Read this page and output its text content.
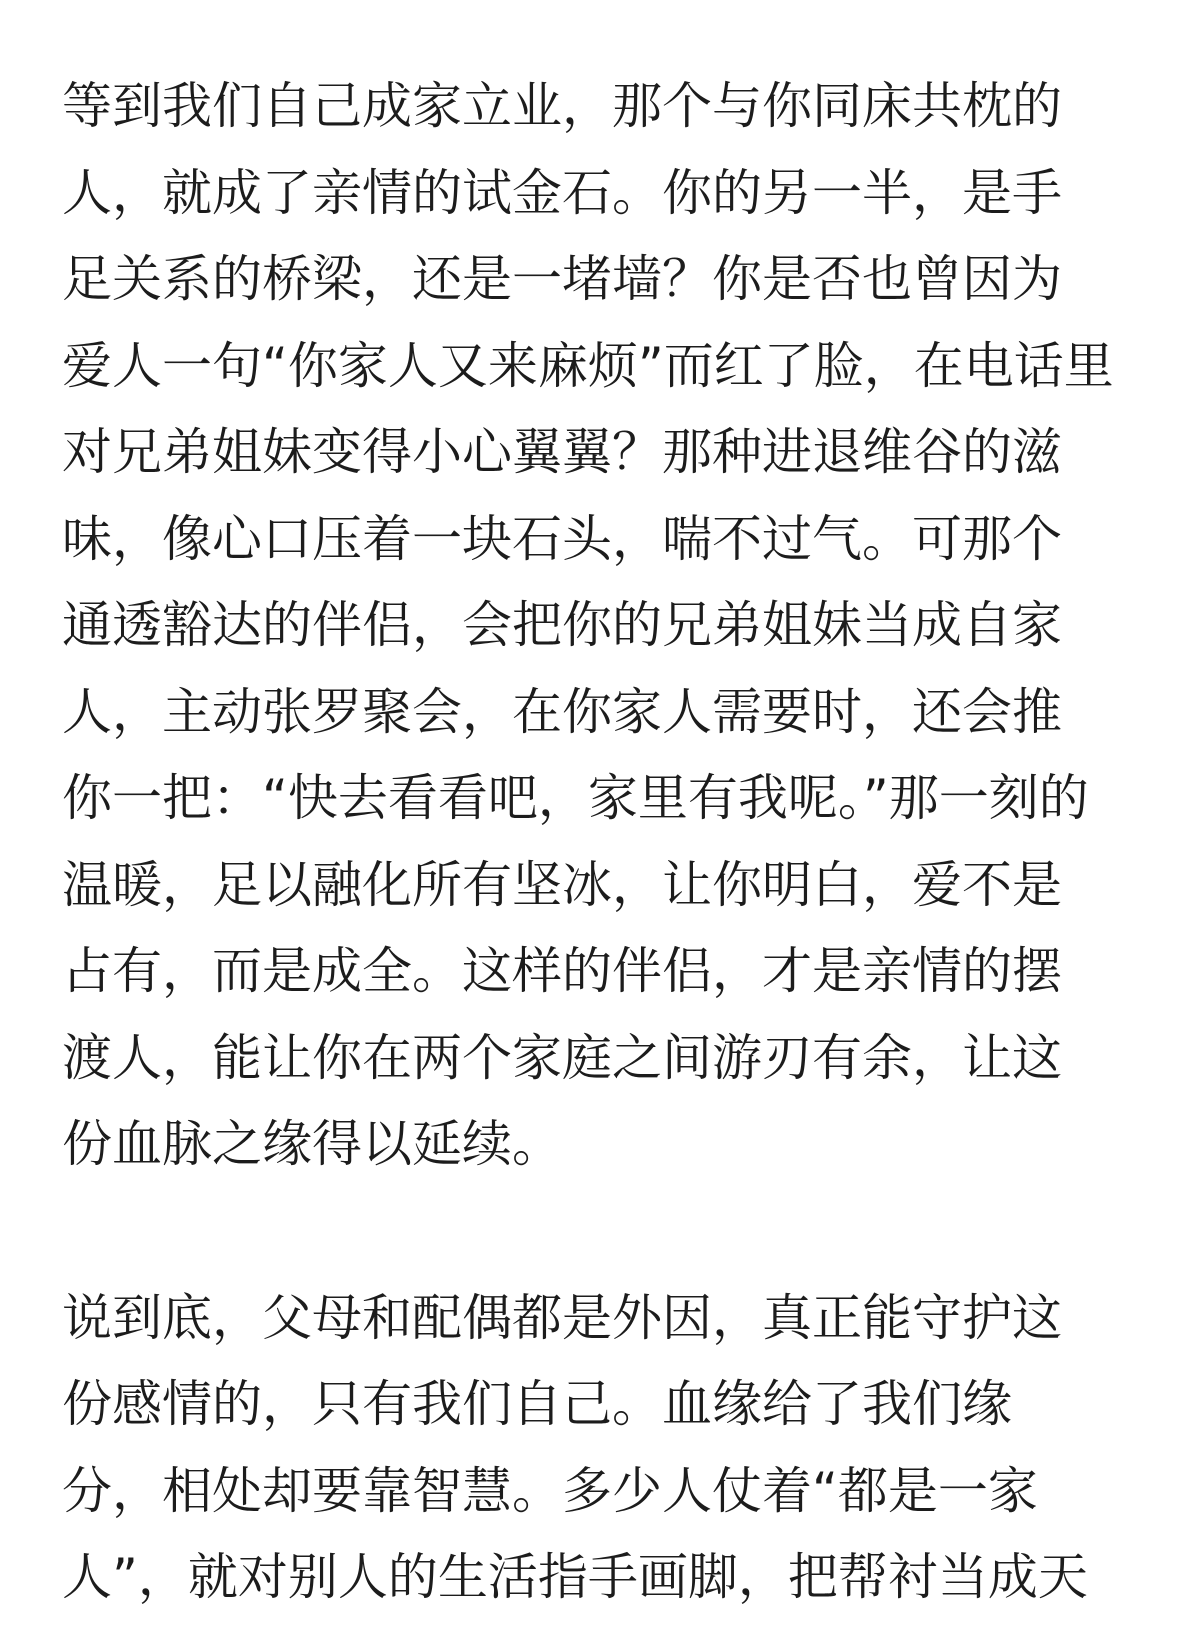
等到我们自己成家立业，那个与你同床共枕的
人，就成了亲情的试金石。你的另一半，是手
足关系的桥梁，还是一堵墙？你是否也曾因为
爱人一句“你家人又来麻烦”而红了脸，在电话里
对兄弟姐妹变得小心翼翼？那种进退维谷的滋
味，像心口压着一块石头，喘不过气。可那个
通透豁达的伴侣，会把你的兄弟姐妹当成自家
人，主动张罗聚会，在你家人需要时，还会推
你一把：“快去看看吧，家里有我呢。”那一刻的
温暖，足以融化所有坚冰，让你明白，爱不是
占有，而是成全。这样的伴侣，才是亲情的摆
渡人，能让你在两个家庭之间游刃有余，让这
份血脉之缘得以延续。
说到底，父母和配偶都是外因，真正能守护这
份感情的，只有我们自己。血缘给了我们缘
分，相处却要靠智慧。多少人仗着“都是一家
人”，就对别人的生活指手画脚，把帮衬当成天
